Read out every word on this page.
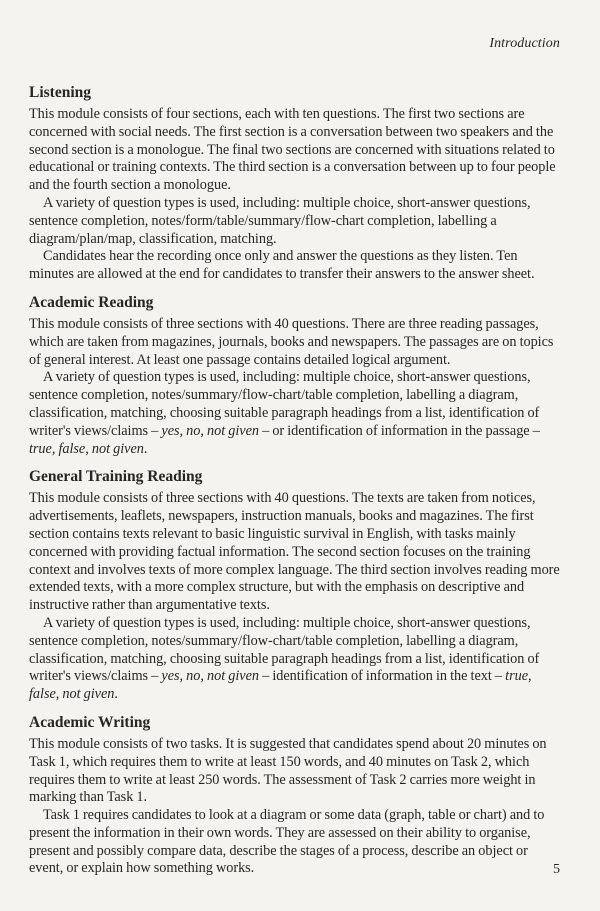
Introduction
Listening

This module consists of four sections, each with ten questions. The first two sections are concerned with social needs. The first section is a conversation between two speakers and the second section is a monologue. The final two sections are concerned with situations related to educational or training contexts. The third section is a conversation between up to four people and the fourth section a monologue.

A variety of question types is used, including: multiple choice, short-answer questions, sentence completion, notes/form/table/summary/flow-chart completion, labelling a diagram/plan/map, classification, matching.

Candidates hear the recording once only and answer the questions as they listen. Ten minutes are allowed at the end for candidates to transfer their answers to the answer sheet.

Academic Reading

This module consists of three sections with 40 questions. There are three reading passages, which are taken from magazines, journals, books and newspapers. The passages are on topics of general interest. At least one passage contains detailed logical argument.

A variety of question types is used, including: multiple choice, short-answer questions, sentence completion, notes/summary/flow-chart/table completion, labelling a diagram, classification, matching, choosing suitable paragraph headings from a list, identification of writer's views/claims – yes, no, not given – or identification of information in the passage – true, false, not given.

General Training Reading

This module consists of three sections with 40 questions. The texts are taken from notices, advertisements, leaflets, newspapers, instruction manuals, books and magazines. The first section contains texts relevant to basic linguistic survival in English, with tasks mainly concerned with providing factual information. The second section focuses on the training context and involves texts of more complex language. The third section involves reading more extended texts, with a more complex structure, but with the emphasis on descriptive and instructive rather than argumentative texts.

A variety of question types is used, including: multiple choice, short-answer questions, sentence completion, notes/summary/flow-chart/table completion, labelling a diagram, classification, matching, choosing suitable paragraph headings from a list, identification of writer's views/claims – yes, no, not given – identification of information in the text – true, false, not given.

Academic Writing

This module consists of two tasks. It is suggested that candidates spend about 20 minutes on Task 1, which requires them to write at least 150 words, and 40 minutes on Task 2, which requires them to write at least 250 words. The assessment of Task 2 carries more weight in marking than Task 1.

Task 1 requires candidates to look at a diagram or some data (graph, table or chart) and to present the information in their own words. They are assessed on their ability to organise, present and possibly compare data, describe the stages of a process, describe an object or event, or explain how something works.	5
